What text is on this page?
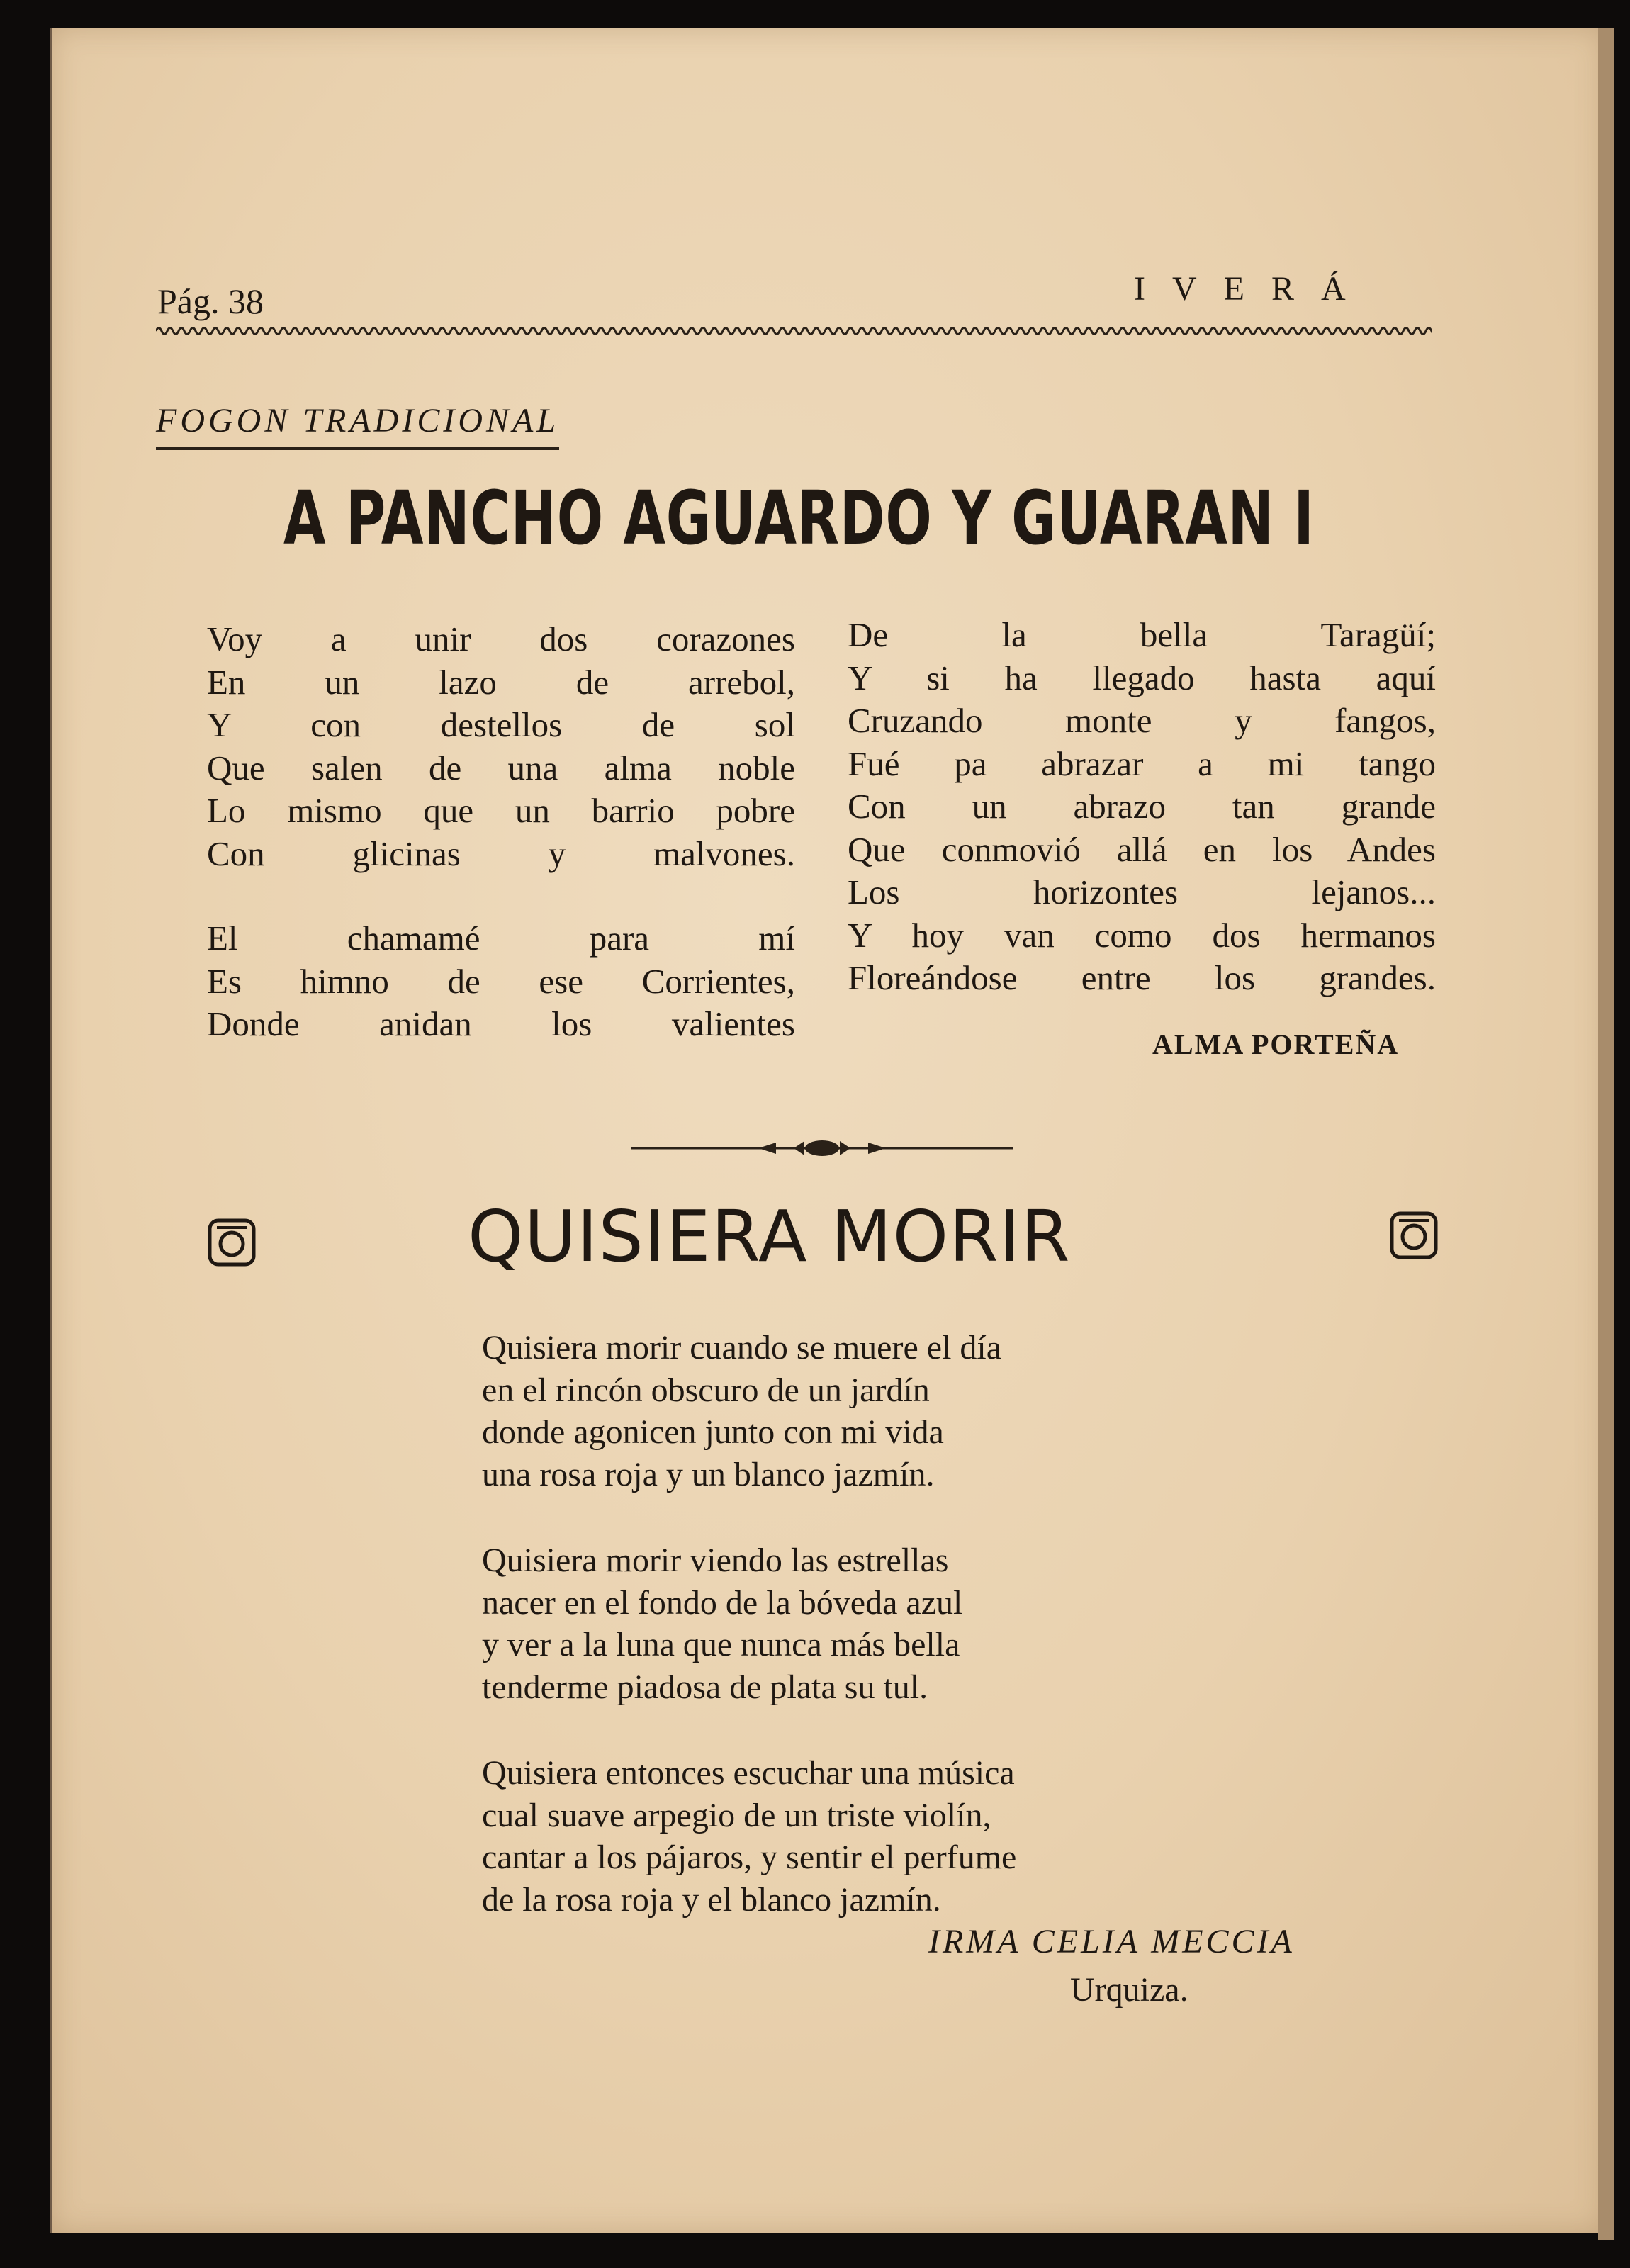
Pág. 38	IVERÁ
FOGON TRADICIONAL
A PANCHO AGUARDO Y GUARAN I
Voy a unir dos corazones
En un lazo de arrebol,
Y con destellos de sol
Que salen de una alma noble
Lo mismo que un barrio pobre
Con glicinas y malvones.
El chamamé para mí
Es himno de ese Corrientes,
Donde anidan los valientes
De la bella Taragüí;
Y si ha llegado hasta aquí
Cruzando monte y fangos,
Fué pa abrazar a mi tango
Con un abrazo tan grande
Que conmovió allá en los Andes
Los horizontes lejanos...
Y hoy van como dos hermanos
Floreándose entre los grandes.
ALMA PORTEÑA
QUISIERA MORIR
Quisiera morir cuando se muere el día
en el rincón obscuro de un jardín
donde agonicen junto con mi vida
una rosa roja y un blanco jazmín.
Quisiera morir viendo las estrellas
nacer en el fondo de la bóveda azul
y ver a la luna que nunca más bella
tenderme piadosa de plata su tul.
Quisiera entonces escuchar una música
cual suave arpegio de un triste violín,
cantar a los pájaros, y sentir el perfume
de la rosa roja y el blanco jazmín.
IRMA CELIA MECCIA
Urquiza.
